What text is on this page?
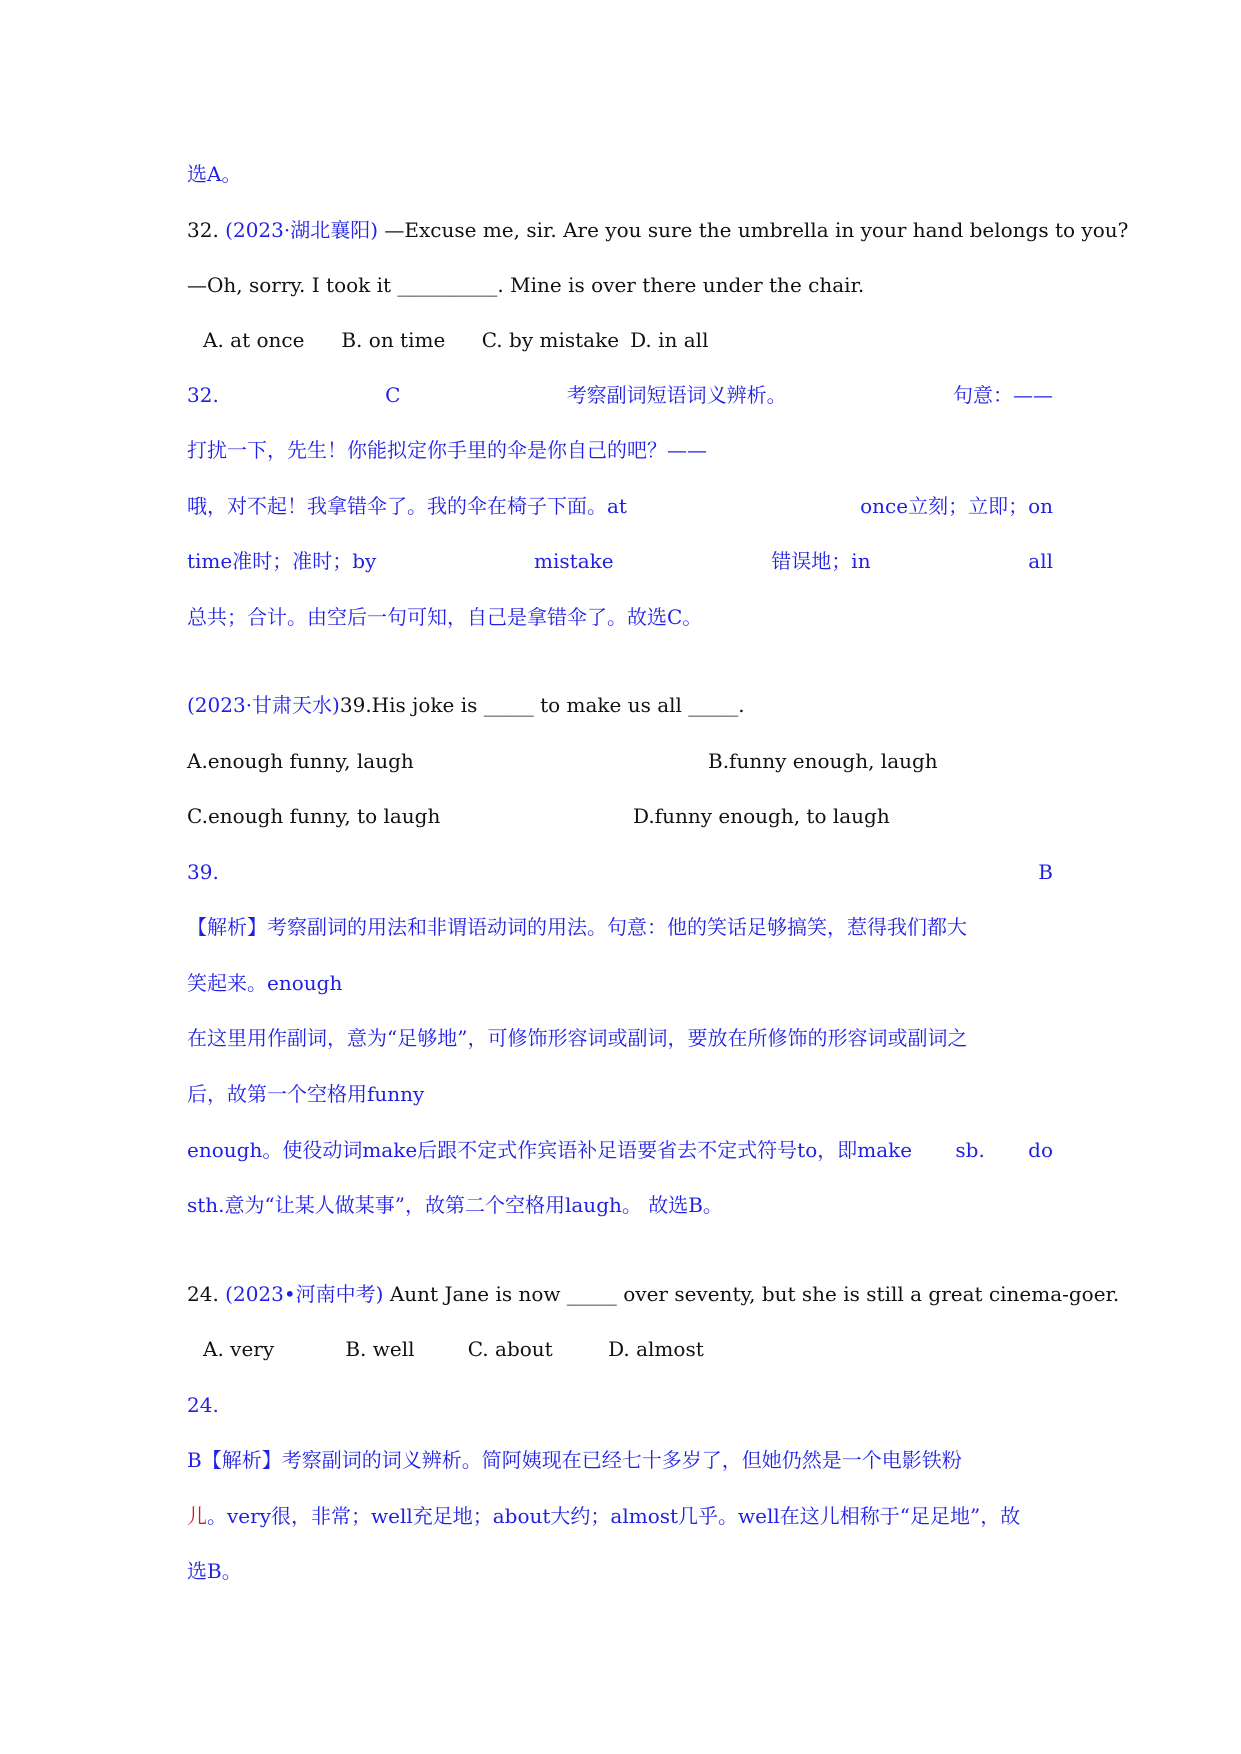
选A。
32. (2023·湖北襄阳) —Excuse me, sir. Are you sure the umbrella in your hand belongs to you?
—Oh, sorry. I took it __________. Mine is over there under the chair.
A. at once B. on time C. by mistake D. in all
32.	C	考察副词短语词义辨析。	句意：——
打扰一下，先生！你能拟定你手里的伞是你自己的吧？——
哦，对不起！我拿错伞了。我的伞在椅子下面。at	once立刻；立即；on
time准时；准时；by	mistake	错误地；in	all
总共；合计。由空后一句可知，自己是拿错伞了。故选C。
(2023·甘肃天水)39.His joke is _____ to make us all _____.
A.enough funny, laugh	B.funny enough, laugh
C.enough funny, to laugh	D.funny enough, to laugh
39.	B
【解析】考察副词的用法和非谓语动词的用法。句意：他的笑话足够搞笑，惹得我们都大
笑起来。enough
在这里用作副词，意为“足够地”，可修饰形容词或副词，要放在所修饰的形容词或副词之
后，故第一个空格用funny
enough。使役动词make后跟不定式作宾语补足语要省去不定式符号to，即make sb. do
sth.意为“让某人做某事”，故第二个空格用laugh。 故选B。
24. (2023•河南中考) Aunt Jane is now _____ over seventy, but she is still a great cinema-goer.
A. very	B. well	C. about	D. almost
24.
B【解析】考察副词的词义辨析。简阿姨现在已经七十多岁了，但她仍然是一个电影铁粉
儿。very很，非常；well充足地；about大约；almost几乎。well在这儿相称于“足足地”，故
选B。
